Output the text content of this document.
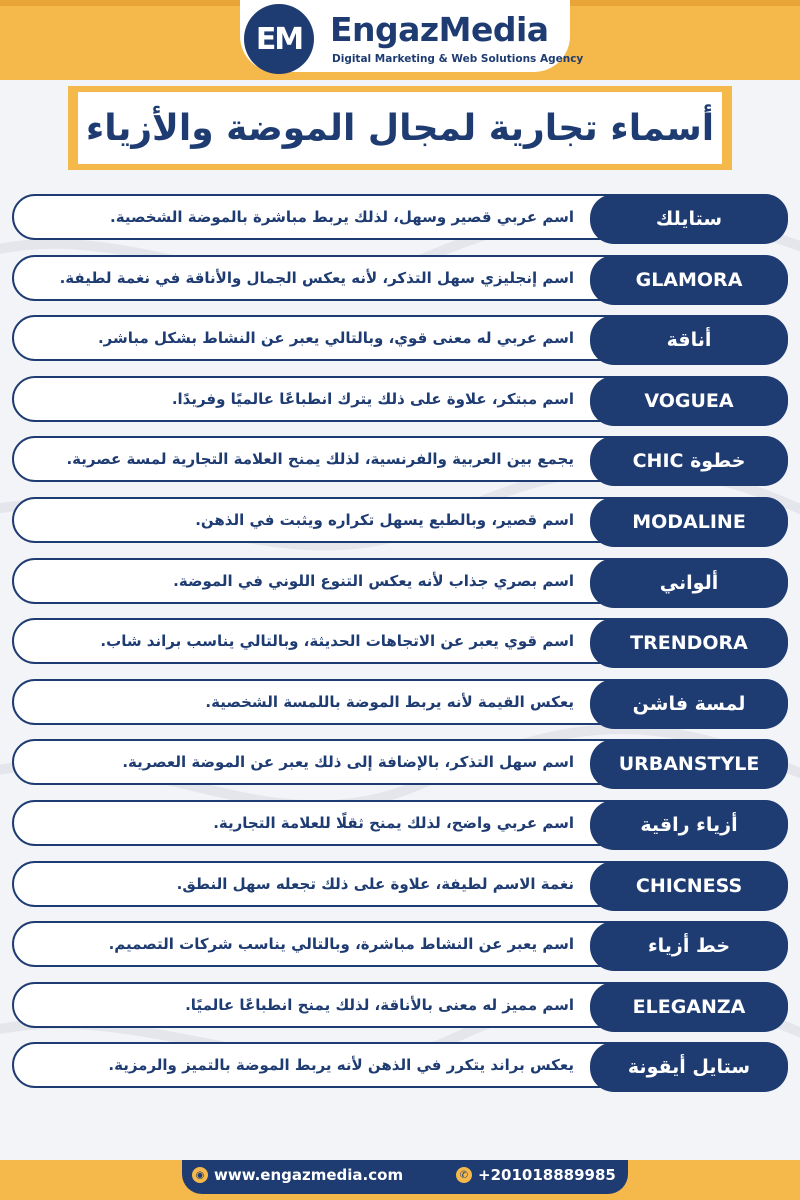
EM EngazMedia
Digital Marketing & Web Solutions Agency
أسماء تجارية لمجال الموضة والأزياء
اسم عربي قصير وسهل، لذلك يربط مباشرة بالموضة الشخصية.	ستايلك
اسم إنجليزي سهل التذكر، لأنه يعكس الجمال والأناقة في نغمة لطيفة.	GLAMORA
اسم عربي له معنى قوي، وبالتالي يعبر عن النشاط بشكل مباشر.	أناقة
اسم مبتكر، علاوة على ذلك يترك انطباعًا عالميًا وفريدًا.	VOGUEA
يجمع بين العربية والفرنسية، لذلك يمنح العلامة التجارية لمسة عصرية.	خطوة CHIC
اسم قصير، وبالطبع يسهل تكراره ويثبت في الذهن.	MODALINE
اسم بصري جذاب لأنه يعكس التنوع اللوني في الموضة.	ألواني
اسم قوي يعبر عن الاتجاهات الحديثة، وبالتالي يناسب براند شاب.	TRENDORA
يعكس القيمة لأنه يربط الموضة باللمسة الشخصية.	لمسة فاشن
اسم سهل التذكر، بالإضافة إلى ذلك يعبر عن الموضة العصرية.	URBANSTYLE
اسم عربي واضح، لذلك يمنح ثقلًا للعلامة التجارية.	أزياء راقية
نغمة الاسم لطيفة، علاوة على ذلك تجعله سهل النطق.	CHICNESS
اسم يعبر عن النشاط مباشرة، وبالتالي يناسب شركات التصميم.	خط أزياء
اسم مميز له معنى بالأناقة، لذلك يمنح انطباعًا عالميًا.	ELEGANZA
يعكس براند يتكرر في الذهن لأنه يربط الموضة بالتميز والرمزية.	ستايل أيقونة
◉ www.engazmedia.com	✆ +201018889985
